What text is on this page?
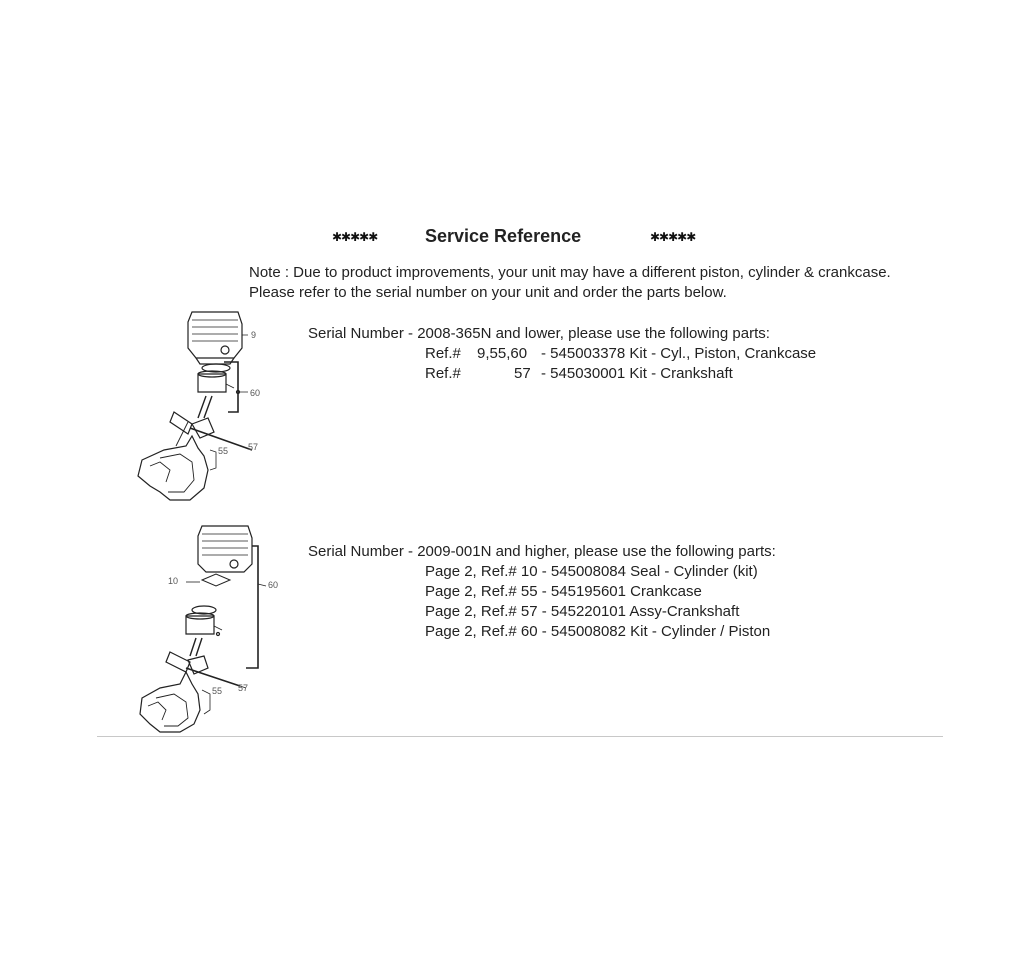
✱✱✱✱✱	Service Reference	✱✱✱✱✱
Note : Due to product improvements, your unit may have a different piston, cylinder & crankcase.
Please refer to the serial number on your unit and order the parts below.
9
60
57
55
Serial Number - 2008-365N and lower, please use the following parts:
Ref.# 9,55,60 - 545003378 Kit - Cyl., Piston, Crankcase
Ref.#	57 - 545030001 Kit - Crankshaft
10	60
57
55
Serial Number - 2009-001N and higher, please use the following parts:
Page 2, Ref.# 10 - 545008084 Seal - Cylinder (kit)
Page 2, Ref.# 55 - 545195601 Crankcase
Page 2, Ref.# 57 - 545220101 Assy-Crankshaft
Page 2, Ref.# 60 - 545008082 Kit - Cylinder / Piston
